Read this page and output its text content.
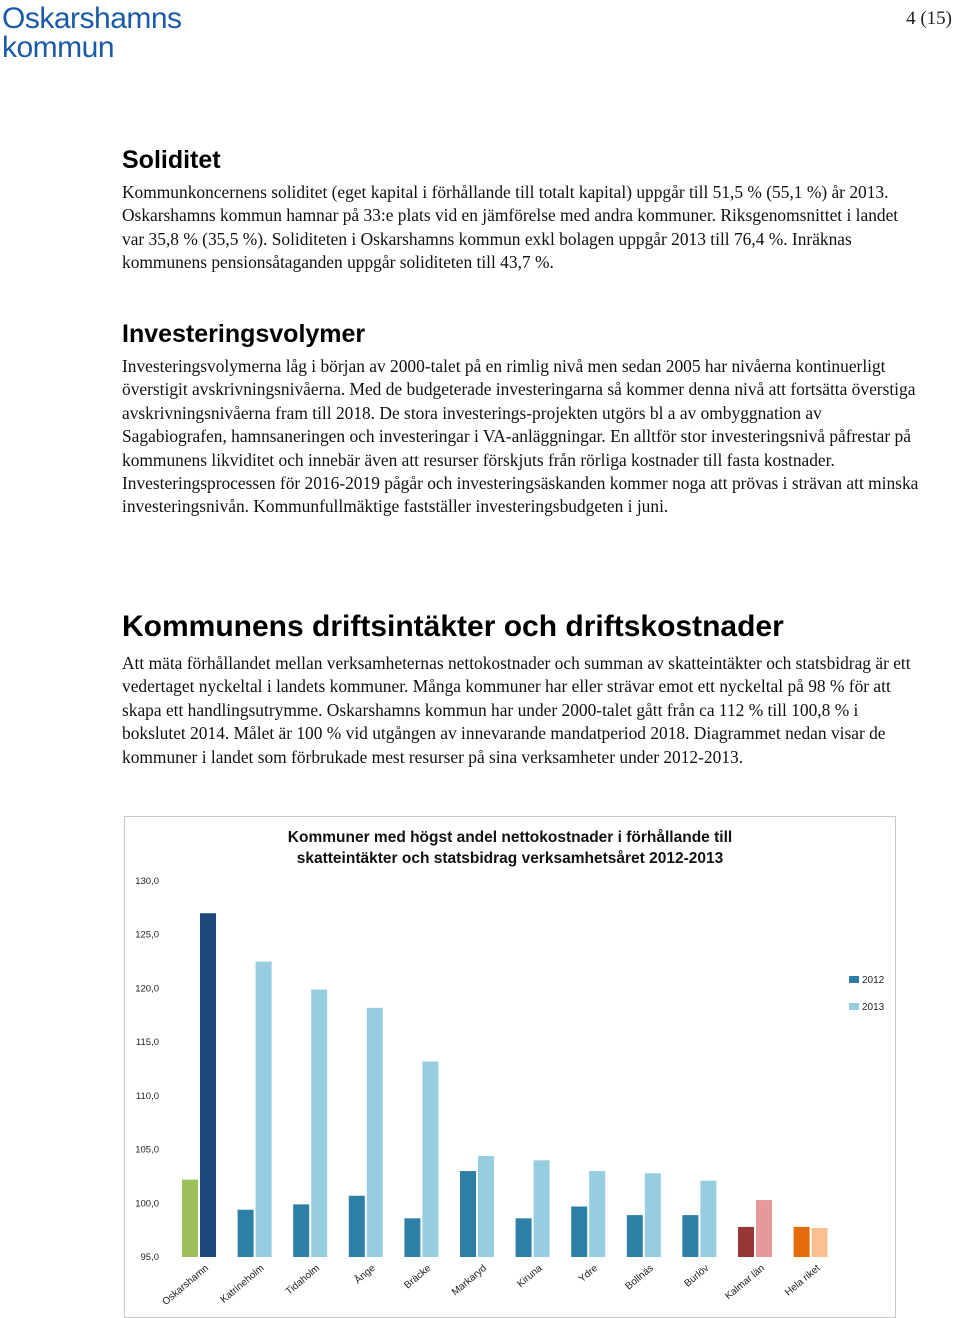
Oskarshamns
kommun
4 (15)
Soliditet

Kommunkoncernens soliditet (eget kapital i förhållande till totalt kapital) uppgår till 51,5 % (55,1 %) år 2013. Oskarshamns kommun hamnar på 33:e plats vid en jämförelse med andra kommuner. Riksgenomsnittet i landet var 35,8 % (35,5 %). Soliditeten i Oskarshamns kommun exkl bolagen uppgår 2013 till 76,4 %. Inräknas kommunens pensionsåtaganden uppgår soliditeten till 43,7 %.

Investeringsvolymer

Investeringsvolymerna låg i början av 2000-talet på en rimlig nivå men sedan 2005 har nivåerna kontinuerligt överstigit avskrivningsnivåerna. Med de budgeterade investeringarna så kommer denna nivå att fortsätta överstiga avskrivningsnivåerna fram till 2018. De stora investerings-projekten utgörs bl a av ombyggnation av Sagabiografen, hamnsaneringen och investeringar i VA-anläggningar. En alltför stor investeringsnivå påfrestar på kommunens likviditet och innebär även att resurser förskjuts från rörliga kostnader till fasta kostnader. Investeringsprocessen för 2016-2019 pågår och investeringsäskanden kommer noga att prövas i strävan att minska investeringsnivån. Kommunfullmäktige fastställer investeringsbudgeten i juni.

Kommunens driftsintäkter och driftskostnader

Att mäta förhållandet mellan verksamheternas nettokostnader och summan av skatteintäkter och statsbidrag är ett vedertaget nyckeltal i landets kommuner. Många kommuner har eller strävar emot ett nyckeltal på 98 % för att skapa ett handlingsutrymme. Oskarshamns kommun har under 2000-talet gått från ca 112 % till 100,8 % i bokslutet 2014. Målet är 100 % vid utgången av innevarande mandatperiod 2018. Diagrammet nedan visar de kommuner i landet som förbrukade mest resurser på sina verksamheter under 2012-2013.

Kommuner med högst andel nettokostnader i förhållande till
skatteintäkter och statsbidrag verksamhetsåret 2012-2013
130,0
125,0
120,0
115,0
110,0
105,0
100,0
95,0
Oskarshamn Katrineholm Tidaholm	Ånge Bräcke Markaryd	Kiruna	Ydre Bollnäs	Burlöv Kalmar län Hela riket
2012
2013
